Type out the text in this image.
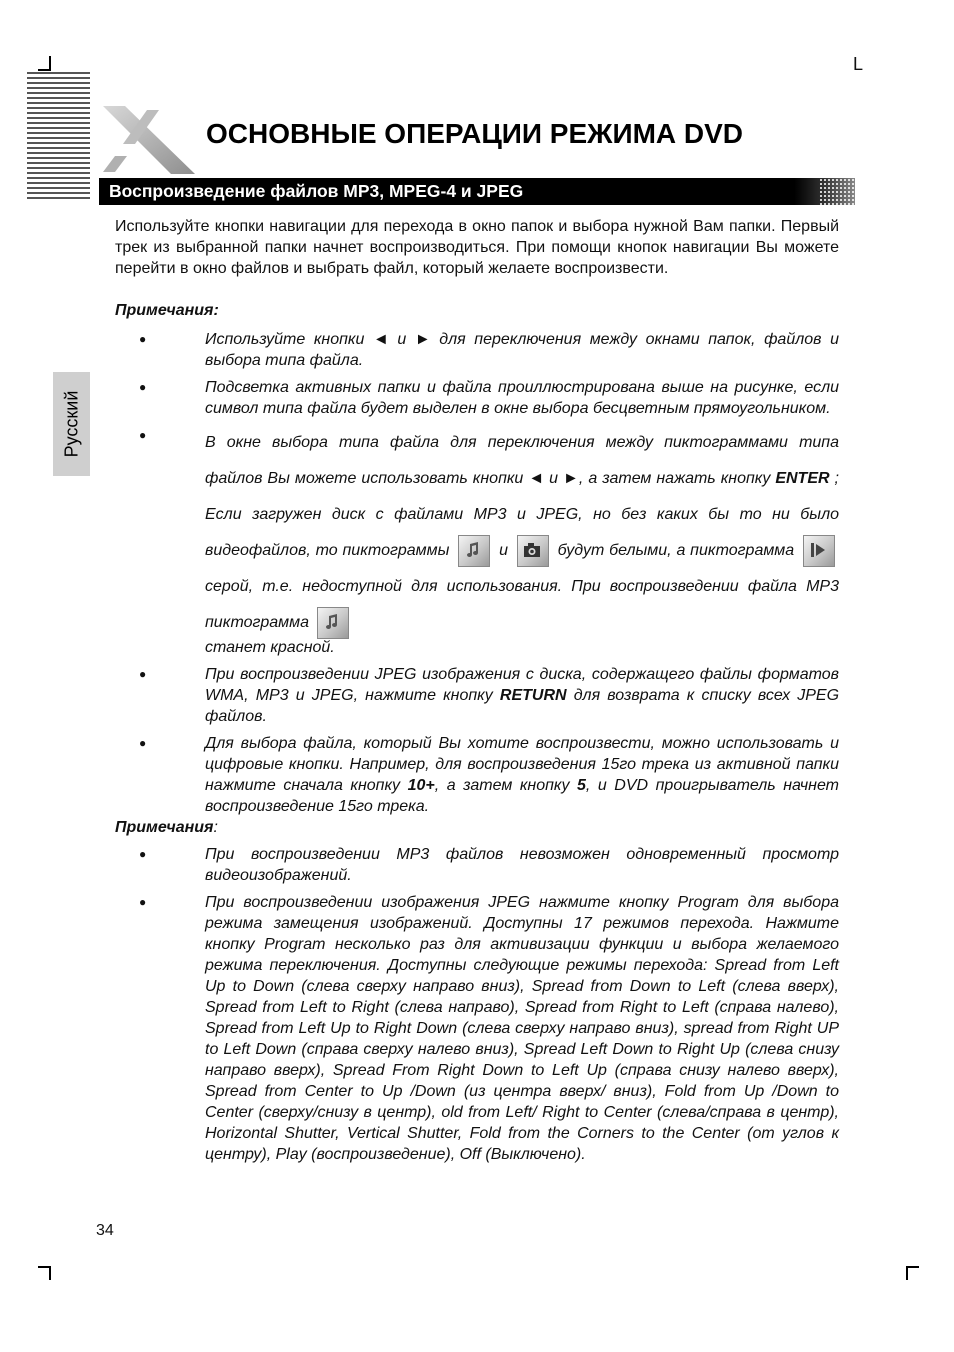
L
ОСНОВНЫЕ ОПЕРАЦИИ РЕЖИМА DVD
Воспроизведение файлов MP3, MPEG-4 и JPEG
Русский

Используйте кнопки навигации для перехода в окно папок и выбора нужной Вам папки. Первый трек из выбранной папки начнет воспроизводиться. При помощи кнопок навигации Вы можете перейти в окно файлов и выбрать файл, который желаете воспроизвести.

Примечания:

● Используйте кнопки ◄ и ► для переключения между окнами папок, файлов и выбора типа файла.
● Подсветка активных папки и файла проиллюстрирована выше на рисунке, если символ типа файла будет выделен в окне выбора бесцветным прямоугольником.
● В окне выбора типа файла для переключения между пиктограммами типа файлов Вы можете использовать кнопки ◄ и ►, а затем нажать кнопку ENTER ; Если загружен диск с файлами MP3 и JPEG, но без каких бы то ни было видеофайлов, то пиктограммы	и	будут белыми, а пиктограмма
серой, т.е. недоступной для использования. При воспроизведении файла MP3 пиктограмма
станет красной.
● При воспроизведении JPEG изображения с диска, содержащего файлы форматов WMA, MP3 и JPEG, нажмите кнопку RETURN для возврата к списку всех JPEG файлов.
● Для выбора файла, который Вы хотите воспроизвести, можно использовать и цифровые кнопки. Например, для воспроизведения 15го трека из активной папки нажмите сначала кнопку 10+, а затем кнопку 5, и DVD проигрыватель начнет воспроизведение 15го трека.

Примечания:

● При воспроизведении MP3 файлов невозможен одновременный просмотр видеоизображений.
● При воспроизведении изображения JPEG нажмите кнопку Program для выбора режима замещения изображений. Доступны 17 режимов перехода. Нажмите кнопку Program несколько раз для активизации функции и выбора желаемого режима переключения. Доступны следующие режимы перехода: Spread from Left Up to Down (слева сверху направо вниз), Spread from Down to Left (слева вверх), Spread from Left to Right (слева направо), Spread from Right to Left (справа налево), Spread from Left Up to Right Down (слева сверху направо вниз), spread from Right UP to Left Down (справа сверху налево вниз), Spread Left Down to Right Up (слева снизу направо вверх), Spread From Right Down to Left Up (справа снизу налево вверх), Spread from Center to Up /Down (из центра вверх/ вниз), Fold from Up /Down to Center (сверху/снизу в центр), old from Left/ Right to Center (слева/справа в центр), Horizontal Shutter, Vertical Shutter, Fold from the Corners to the Center (от углов к центру), Play (воспроизведение), Off (Выключено).
34
